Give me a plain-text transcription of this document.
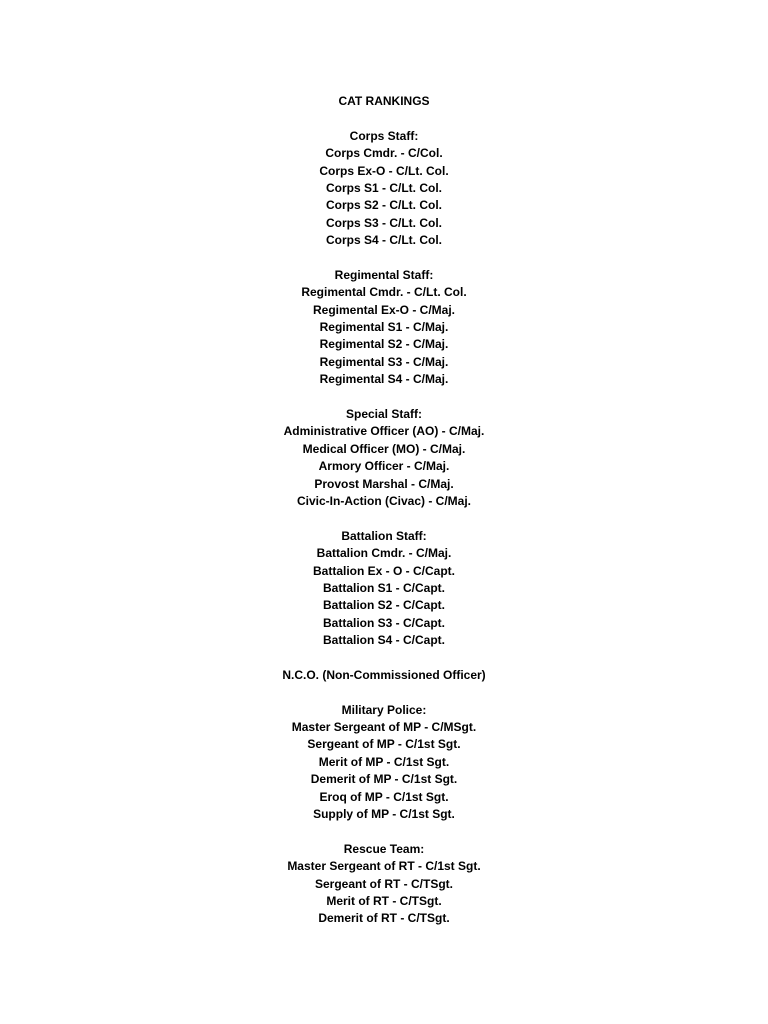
CAT RANKINGS
Corps Staff:
Corps Cmdr. - C/Col.
Corps Ex-O - C/Lt. Col.
Corps S1 - C/Lt. Col.
Corps S2 - C/Lt. Col.
Corps S3 - C/Lt. Col.
Corps S4 - C/Lt. Col.
Regimental Staff:
Regimental Cmdr. - C/Lt. Col.
Regimental Ex-O - C/Maj.
Regimental S1 - C/Maj.
Regimental S2 - C/Maj.
Regimental S3 - C/Maj.
Regimental S4 - C/Maj.
Special Staff:
Administrative Officer (AO) - C/Maj.
Medical Officer (MO) - C/Maj.
Armory Officer - C/Maj.
Provost Marshal - C/Maj.
Civic-In-Action (Civac) - C/Maj.
Battalion Staff:
Battalion Cmdr. - C/Maj.
Battalion Ex - O - C/Capt.
Battalion S1 - C/Capt.
Battalion S2 - C/Capt.
Battalion S3 - C/Capt.
Battalion S4 - C/Capt.
N.C.O. (Non-Commissioned Officer)
Military Police:
Master Sergeant of MP - C/MSgt.
Sergeant of MP - C/1st Sgt.
Merit of MP - C/1st Sgt.
Demerit of MP - C/1st Sgt.
Eroq of MP - C/1st Sgt.
Supply of MP - C/1st Sgt.
Rescue Team:
Master Sergeant of RT - C/1st Sgt.
Sergeant of RT - C/TSgt.
Merit of RT - C/TSgt.
Demerit of RT - C/TSgt.
